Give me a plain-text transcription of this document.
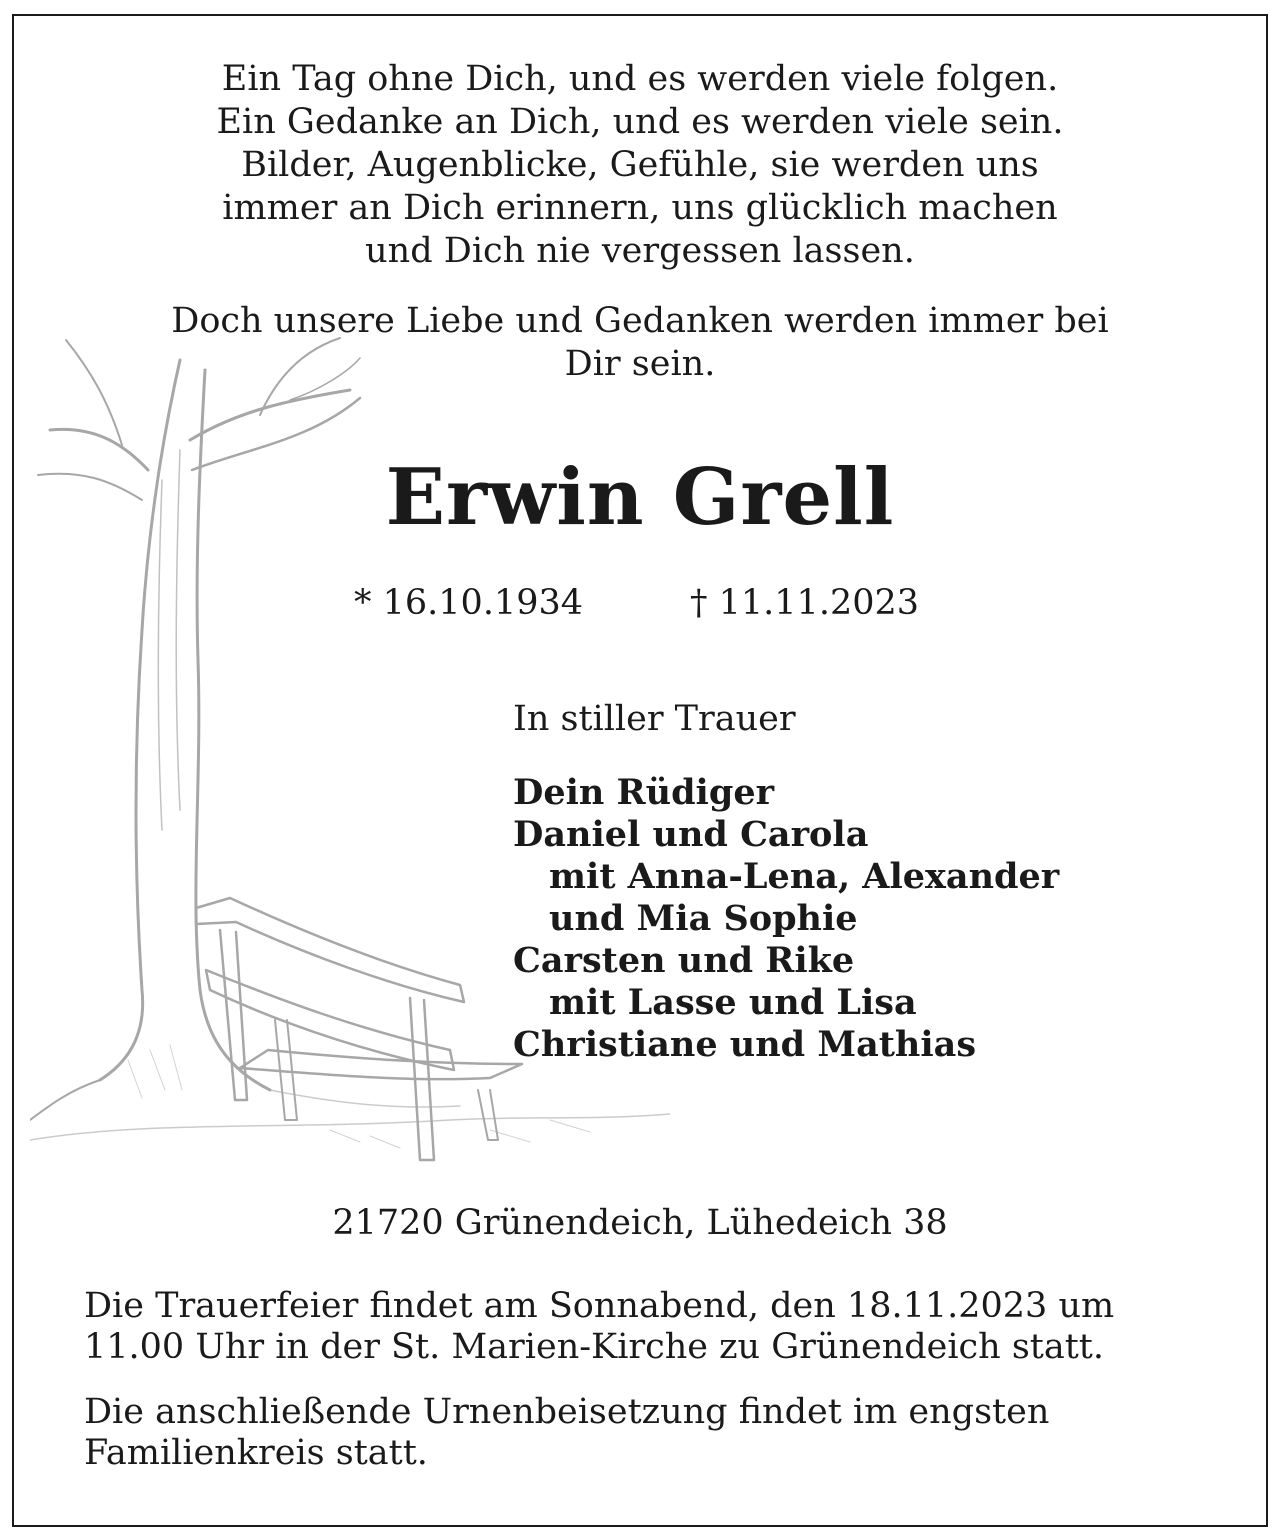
Ein Tag ohne Dich, und es werden viele folgen.
Ein Gedanke an Dich, und es werden viele sein.
Bilder, Augenblicke, Gefühle, sie werden uns
immer an Dich erinnern, uns glücklich machen
und Dich nie vergessen lassen.
Doch unsere Liebe und Gedanken werden immer bei
Dir sein.
Erwin Grell
* 16.10.1934	† 11.11.2023
In stiller Trauer
Dein Rüdiger
Daniel und Carola
mit Anna-Lena, Alexander
und Mia Sophie
Carsten und Rike
mit Lasse und Lisa
Christiane und Mathias
21720 Grünendeich, Lühedeich 38
Die Trauerfeier findet am Sonnabend, den 18.11.2023 um
11.00 Uhr in der St. Marien-Kirche zu Grünendeich statt.
Die anschließende Urnenbeisetzung findet im engsten
Familienkreis statt.
